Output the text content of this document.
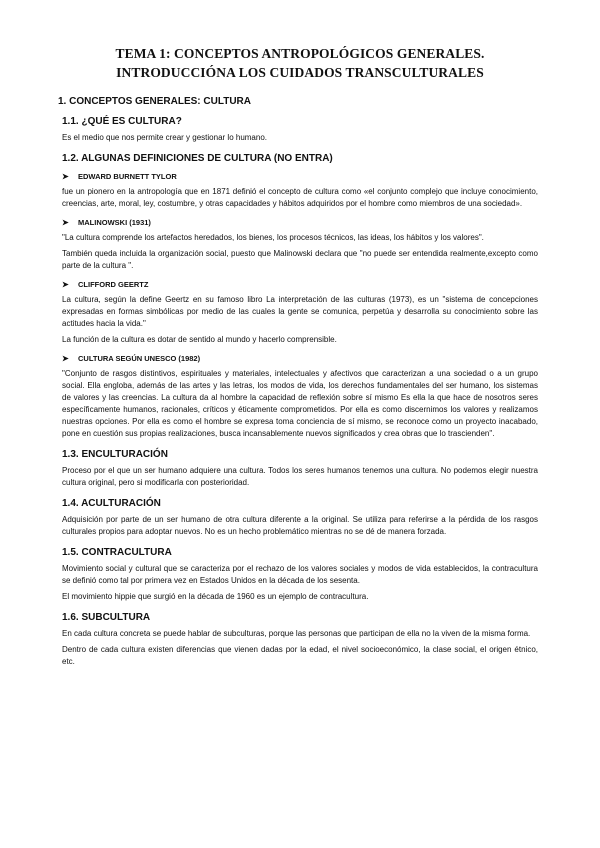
TEMA 1: CONCEPTOS ANTROPOLÓGICOS GENERALES.
INTRODUCCIÓNA LOS CUIDADOS TRANSCULTURALES
1. CONCEPTOS GENERALES: CULTURA
1.1. ¿QUÉ ES CULTURA?

Es el medio que nos permite crear y gestionar lo humano.

1.2. ALGUNAS DEFINICIONES DE CULTURA (NO ENTRA)
➤	EDWARD BURNETT TYLOR

fue un pionero en la antropología que en 1871 definió el concepto de cultura como «el conjunto complejo que incluye conocimiento, creencias, arte, moral, ley, costumbre, y otras capacidades y hábitos adquiridos por el hombre como miembros de una sociedad».

➤	MALINOWSKI (1931)

"La cultura comprende los artefactos heredados, los bienes, los procesos técnicos, las ideas, los hábitos y los valores".

También queda incluida la organización social, puesto que Malinowski declara que "no puede ser entendida realmente,excepto como parte de la cultura ".

➤	CLIFFORD GEERTZ

La cultura, según la define Geertz en su famoso libro La interpretación de las culturas (1973), es un "sistema de concepciones expresadas en formas simbólicas por medio de las cuales la gente se comunica, perpetúa y desarrolla su conocimiento sobre las actitudes hacia la vida."

La función de la cultura es dotar de sentido al mundo y hacerlo comprensible.

➤	CULTURA SEGÚN UNESCO (1982)

"Conjunto de rasgos distintivos, espirituales y materiales, intelectuales y afectivos que caracterizan a una sociedad o a un grupo social. Ella engloba, además de las artes y las letras, los modos de vida, los derechos fundamentales del ser humano, los sistemas de valores y las creencias. La cultura da al hombre la capacidad de reflexión sobre sí mismo Es ella la que hace de nosotros seres específicamente humanos, racionales, críticos y éticamente comprometidos. Por ella es como discernimos los valores y realizamos nuestras opciones. Por ella es como el hombre se expresa toma conciencia de sí mismo, se reconoce como un proyecto inacabado, pone en cuestión sus propias realizaciones, busca incansablemente nuevos significados y crea obras que lo trascienden".

1.3. ENCULTURACIÓN

Proceso por el que un ser humano adquiere una cultura. Todos los seres humanos tenemos una cultura. No podemos elegir nuestra cultura original, pero si modificarla con posterioridad.

1.4. ACULTURACIÓN

Adquisición por parte de un ser humano de otra cultura diferente a la original. Se utiliza para referirse a la pérdida de los rasgos culturales propios para adoptar nuevos. No es un hecho problemático mientras no se dé de manera forzada.

1.5. CONTRACULTURA

Movimiento social y cultural que se caracteriza por el rechazo de los valores sociales y modos de vida establecidos, la contracultura se definió como tal por primera vez en Estados Unidos en la década de los sesenta.

El movimiento hippie que surgió en la década de 1960 es un ejemplo de contracultura.

1.6. SUBCULTURA

En cada cultura concreta se puede hablar de subculturas, porque las personas que participan de ella no la viven de la misma forma.

Dentro de cada cultura existen diferencias que vienen dadas por la edad, el nivel socioeconómico, la clase social, el origen étnico, etc.
